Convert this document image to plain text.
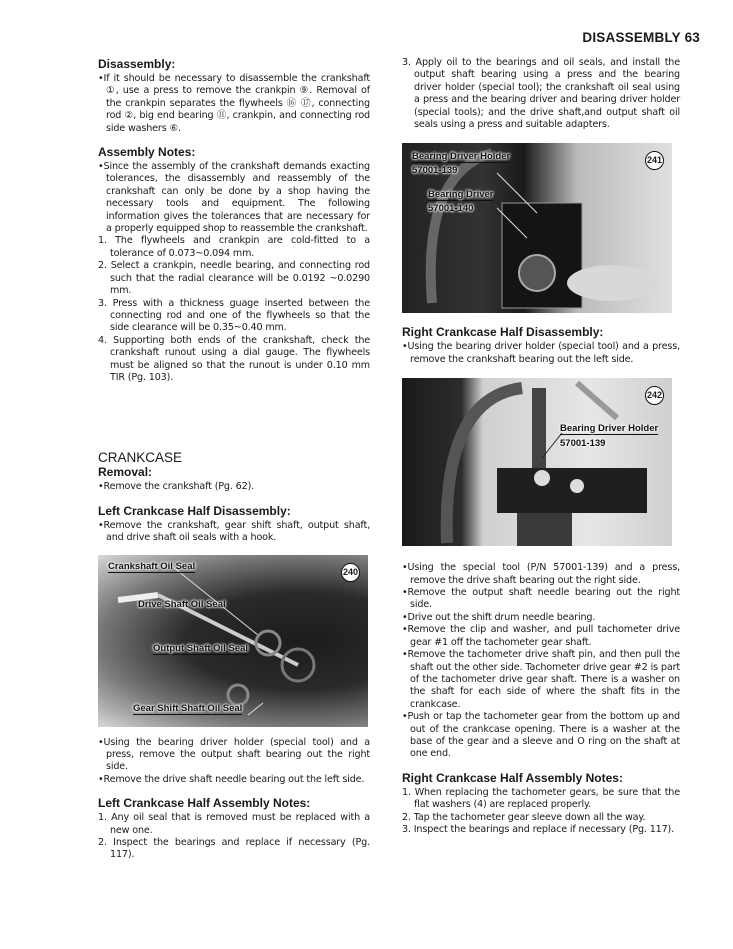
DISASSEMBLY 63
Disassembly:

•If it should be necessary to disassemble the crankshaft ①, use a press to remove the crankpin ⑨. Removal of the crankpin separates the flywheels ⑯ ⑰, connecting rod ②, big end bearing ⑪, crankpin, and connecting rod side washers ⑥.

Assembly Notes:

•Since the assembly of the crankshaft demands exacting tolerances, the disassembly and reassembly of the crankshaft can only be done by a shop having the necessary tools and equipment. The following information gives the tolerances that are necessary for a properly equipped shop to reassemble the crankshaft.

1. The flywheels and crankpin are cold-fitted to a tolerance of 0.073~0.094 mm.

2. Select a crankpin, needle bearing, and connecting rod such that the radial clearance will be 0.0192 ~0.0290 mm.

3. Press with a thickness guage inserted between the connecting rod and one of the flywheels so that the side clearance will be 0.35~0.40 mm.

4. Supporting both ends of the crankshaft, check the crankshaft runout using a dial gauge. The flywheels must be aligned so that the runout is under 0.10 mm TIR (Pg. 103).

CRANKCASE
Removal:

•Remove the crankshaft (Pg. 62).

Left Crankcase Half Disassembly:

•Remove the crankshaft, gear shift shaft, output shaft, and drive shaft oil seals with a hook.

Crankshaft Oil Seal
Drive Shaft Oil Seal
Output Shaft Oil Seal
Gear Shift Shaft Oil Seal
240

•Using the bearing driver holder (special tool) and a press, remove the output shaft bearing out the right side.

•Remove the drive shaft needle bearing out the left side.

Left Crankcase Half Assembly Notes:

1. Any oil seal that is removed must be replaced with a new one.

2. Inspect the bearings and replace if necessary (Pg. 117).

3. Apply oil to the bearings and oil seals, and install the output shaft bearing using a press and the bearing driver holder (special tool); the crankshaft oil seal using a press and the bearing driver and bearing driver holder (special tools); and the drive shaft,and output shaft oil seals using a press and suitable adapters.

Bearing Driver Holder
57001-139
Bearing Driver
57001-140
241
Right Crankcase Half Disassembly:

•Using the bearing driver holder (special tool) and a press, remove the crankshaft bearing out the left side.

Bearing Driver Holder
57001-139
242

•Using the special tool (P/N 57001-139) and a press, remove the drive shaft bearing out the right side.

•Remove the output shaft needle bearing out the right side.

•Drive out the shift drum needle bearing.

•Remove the clip and washer, and pull tachometer drive gear #1 off the tachometer gear shaft.

•Remove the tachometer drive shaft pin, and then pull the shaft out the other side. Tachometer drive gear #2 is part of the tachometer drive gear shaft. There is a washer on the shaft for each side of where the shaft fits in the crankcase.

•Push or tap the tachometer gear from the bottom up and out of the crankcase opening. There is a washer at the base of the gear and a sleeve and O ring on the shaft at one end.

Right Crankcase Half Assembly Notes:

1. When replacing the tachometer gears, be sure that the flat washers (4) are replaced properly.

2. Tap the tachometer gear sleeve down all the way.

3. Inspect the bearings and replace if necessary (Pg. 117).
